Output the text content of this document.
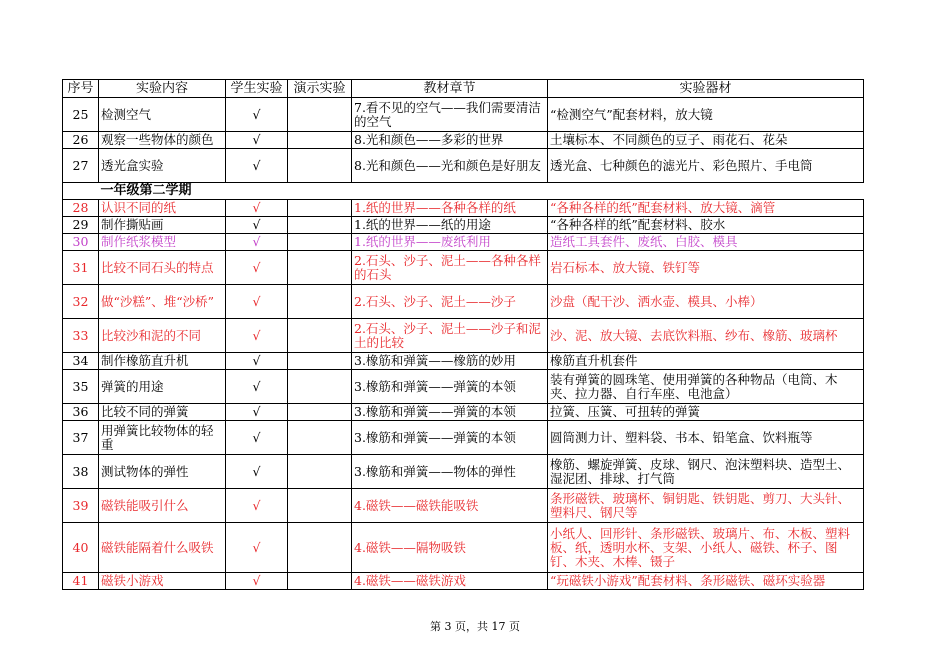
序号	实验内容	学生实验	演示实验	教材章节	实验器材
25	检测空气	√		7.看不见的空气——我们需要清洁的空气	“检测空气”配套材料，放大镜
26	观察一些物体的颜色	√		8.光和颜色——多彩的世界	土壤标本、不同颜色的豆子、雨花石、花朵
27	透光盒实验	√		8.光和颜色——光和颜色是好朋友	透光盒、七种颜色的滤光片、彩色照片、手电筒
	一年级第二学期				
28	认识不同的纸	√		1.纸的世界——各种各样的纸	“各种各样的纸”配套材料、放大镜、滴管
29	制作撕贴画	√		1.纸的世界——纸的用途	“各种各样的纸”配套材料、胶水
30	制作纸浆模型	√		1.纸的世界——废纸利用	造纸工具套件、废纸、白胶、模具
31	比较不同石头的特点	√		2.石头、沙子、泥土——各种各样的石头	岩石标本、放大镜、铁钉等
32	做“沙糕”、堆“沙桥”	√		2.石头、沙子、泥土——沙子	沙盘（配干沙、洒水壶、模具、小棒）
33	比较沙和泥的不同	√		2.石头、沙子、泥土——沙子和泥土的比较	沙、泥、放大镜、去底饮料瓶、纱布、橡筋、玻璃杯
34	制作橡筋直升机	√		3.橡筋和弹簧——橡筋的妙用	橡筋直升机套件
35	弹簧的用途	√		3.橡筋和弹簧——弹簧的本领	装有弹簧的圆珠笔、使用弹簧的各种物品（电筒、木夹、拉力器、自行车座、电池盒）
36	比较不同的弹簧	√		3.橡筋和弹簧——弹簧的本领	拉簧、压簧、可扭转的弹簧
37	用弹簧比较物体的轻重	√		3.橡筋和弹簧——弹簧的本领	圆筒测力计、塑料袋、书本、铅笔盒、饮料瓶等
38	测试物体的弹性	√		3.橡筋和弹簧——物体的弹性	橡筋、螺旋弹簧、皮球、钢尺、泡沫塑料块、造型土、湿泥团、排球、打气筒
39	磁铁能吸引什么	√		4.磁铁——磁铁能吸铁	条形磁铁、玻璃杯、铜钥匙、铁钥匙、剪刀、大头针、塑料尺、钢尺等
40	磁铁能隔着什么吸铁	√		4.磁铁——隔物吸铁	小纸人、回形针、条形磁铁、玻璃片、布、木板、塑料板、纸，透明水杯、支架、小纸人、磁铁、杯子、图钉、木夹、木棒、镊子
41	磁铁小游戏	√		4.磁铁——磁铁游戏	“玩磁铁小游戏”配套材料、条形磁铁、磁环实验器
第 3 页，共 17 页
